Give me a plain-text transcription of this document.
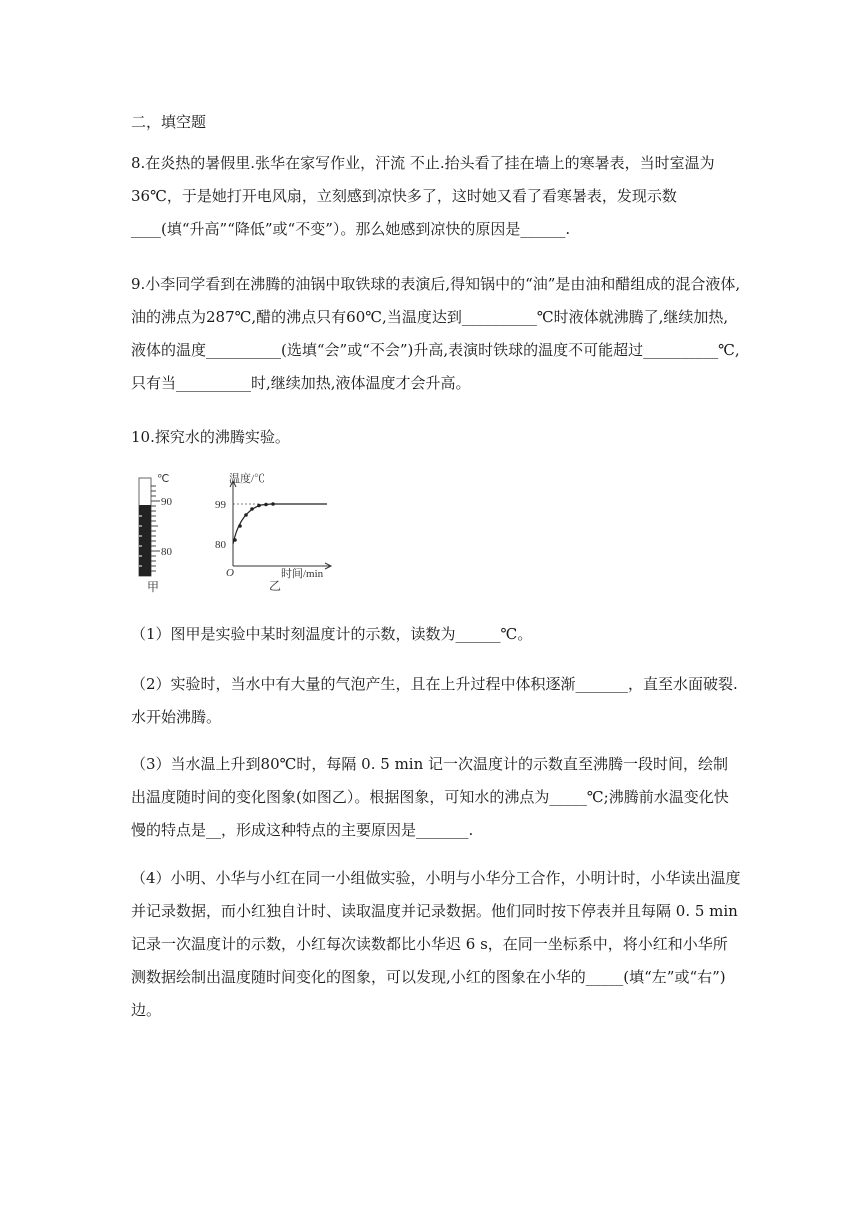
二，填空题

8.在炎热的暑假里.张华在家写作业，汗流 不止.抬头看了挂在墙上的寒暑表，当时室温为36℃，于是她打开电风扇，立刻感到凉快多了，这时她又看了看寒暑表，发现示数____(填“升高”“降低”或“不变”）。那么她感到凉快的原因是______.

9.小李同学看到在沸腾的油锅中取铁球的表演后,得知锅中的“油”是由油和醋组成的混合液体,油的沸点为287℃,醋的沸点只有60℃,当温度达到__________℃时液体就沸腾了,继续加热,液体的温度__________(选填“会”或“不会”)升高,表演时铁球的温度不可能超过__________℃,只有当__________时,继续加热,液体温度才会升高。

10.探究水的沸腾实验。

℃
90
80
甲
温度/℃
99
80
O	时间/min
乙

（1）图甲是实验中某时刻温度计的示数，读数为______℃。

（2）实验时，当水中有大量的气泡产生，且在上升过程中体积逐渐_______，直至水面破裂.水开始沸腾。

（3）当水温上升到80℃时，每隔 0. 5 min 记一次温度计的示数直至沸腾一段时间，绘制出温度随时间的变化图象(如图乙）。根据图象，可知水的沸点为_____℃;沸腾前水温变化快慢的特点是__，形成这种特点的主要原因是_______.

（4）小明、小华与小红在同一小组做实验，小明与小华分工合作，小明计时，小华读出温度并记录数据，而小红独自计时、读取温度并记录数据。他们同时按下停表并且每隔 0. 5 min记录一次温度计的示数，小红每次读数都比小华迟 6 s，在同一坐标系中，将小红和小华所测数据绘制出温度随时间变化的图象，可以发现,小红的图象在小华的_____(填“左”或“右”)边。
